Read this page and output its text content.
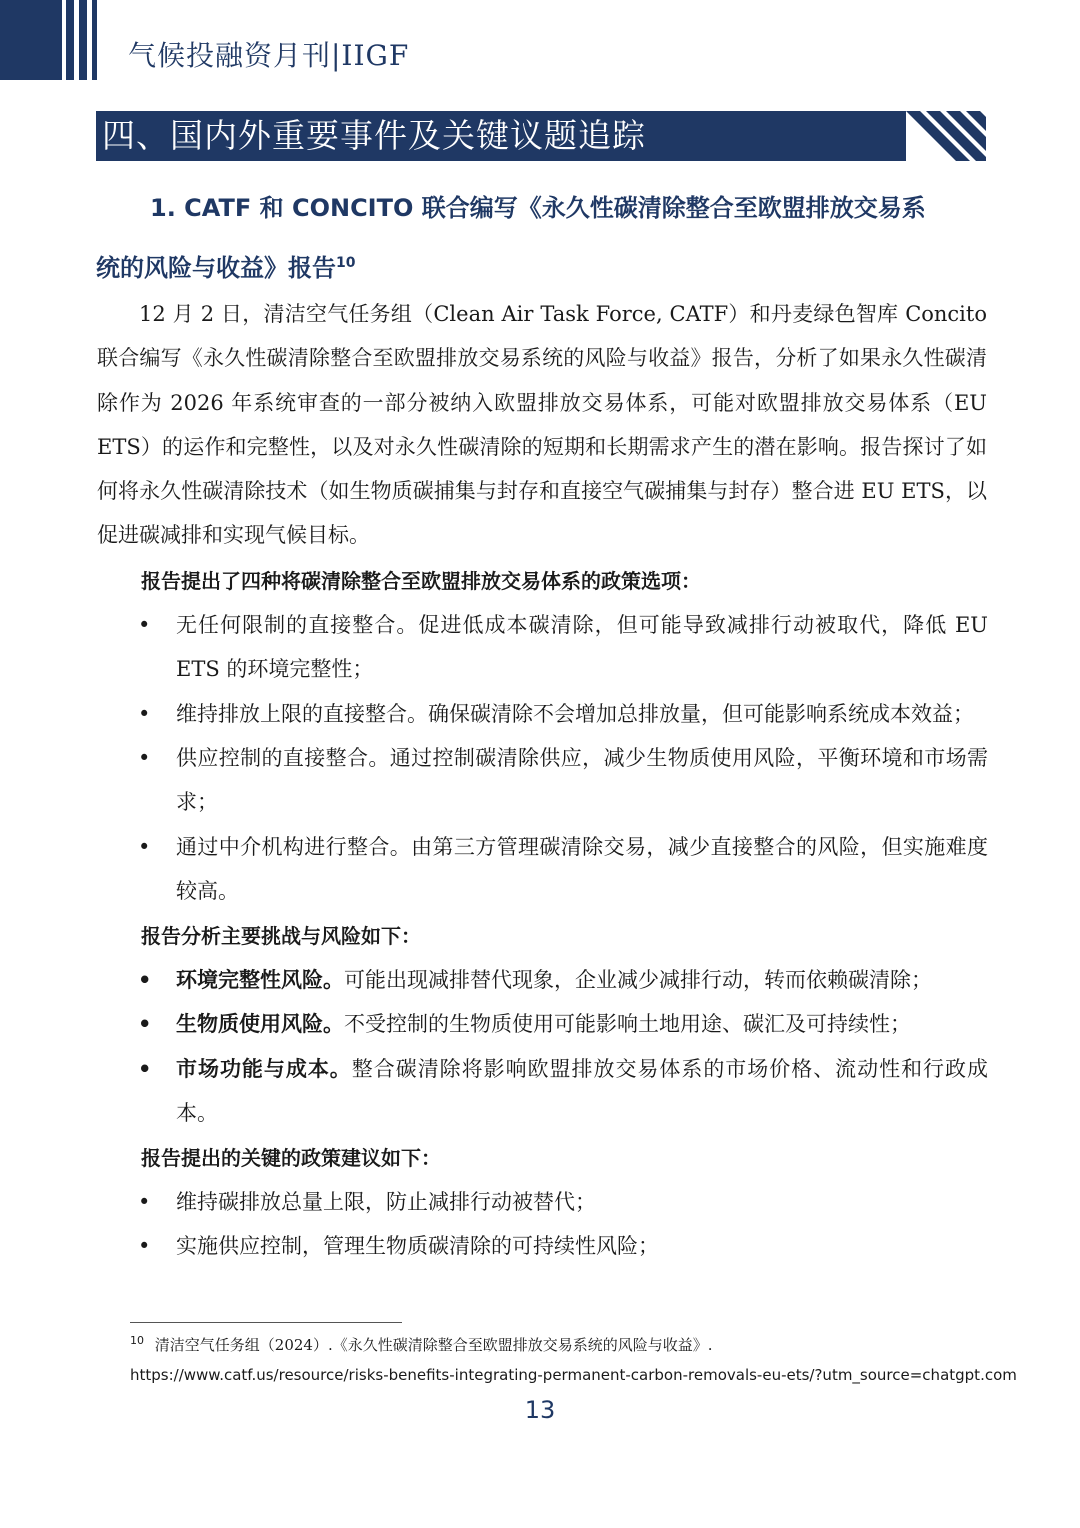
气候投融资月刊|IIGF
四、国内外重要事件及关键议题追踪
1. CATF 和 CONCITO 联合编写《永久性碳清除整合至欧盟排放交易系
统的风险与收益》报告$^{10}$
12 月 2 日，清洁空气任务组（Clean Air Task Force, CATF）和丹麦绿色智库 Concito 联合编写《永久性碳清除整合至欧盟排放交易系统的风险与收益》报告，分析了如果永久性碳清除作为 2026 年系统审查的一部分被纳入欧盟排放交易体系，可能对欧盟排放交易体系（EU ETS）的运作和完整性，以及对永久性碳清除的短期和长期需求产生的潜在影响。报告探讨了如何将永久性碳清除技术（如生物质碳捕集与封存和直接空气碳捕集与封存）整合进 EU ETS，以促进碳减排和实现气候目标。
报告提出了四种将碳清除整合至欧盟排放交易体系的政策选项：
• 无任何限制的直接整合。促进低成本碳清除，但可能导致减排行动被取代，降低 EU ETS 的环境完整性；
• 维持排放上限的直接整合。确保碳清除不会增加总排放量，但可能影响系统成本效益；
• 供应控制的直接整合。通过控制碳清除供应，减少生物质使用风险，平衡环境和市场需求；
• 通过中介机构进行整合。由第三方管理碳清除交易，减少直接整合的风险，但实施难度较高。
报告分析主要挑战与风险如下：
• 环境完整性风险。可能出现减排替代现象，企业减少减排行动，转而依赖碳清除；
• 生物质使用风险。不受控制的生物质使用可能影响土地用途、碳汇及可持续性；
• 市场功能与成本。整合碳清除将影响欧盟排放交易体系的市场价格、流动性和行政成本。
报告提出的关键的政策建议如下：
• 维持碳排放总量上限，防止减排行动被替代；
• 实施供应控制，管理生物质碳清除的可持续性风险；
$^{10}$ 清洁空气任务组（2024）.《永久性碳清除整合至欧盟排放交易系统的风险与收益》.
https://www.catf.us/resource/risks-benefits-integrating-permanent-carbon-removals-eu-ets/?utm_source=chatgpt.com
13
